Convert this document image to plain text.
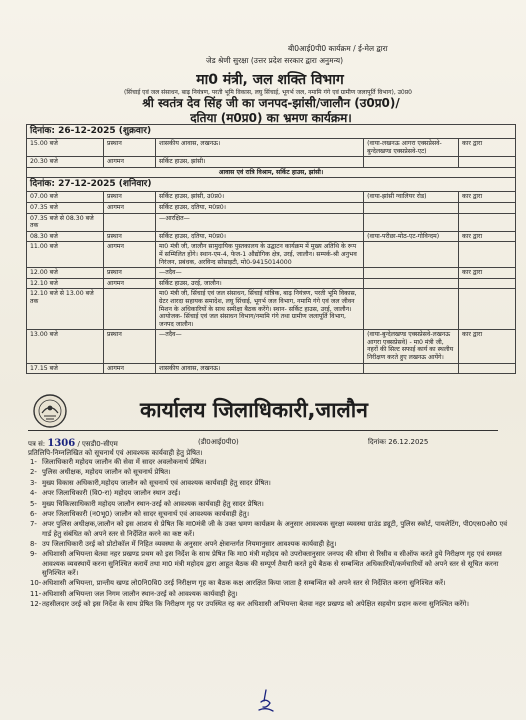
बी0आई0पी0 कार्यक्रम / ई-मेल द्वारा
जेड श्रेणी सुरक्षा (उत्तर प्रदेश सरकार द्वारा अनुमन्य)
मा0 मंत्री, जल शक्ति विभाग
(सिंचाई एवं जल संसाधन, बाढ़ नियंत्रण, परती भूमि विकास, लघु सिंचाई, भूगर्भ जल, नमामि गंगे एवं ग्रामीण जलापूर्ति विभाग), उ0प्र0
श्री स्वतंत्र देव सिंह जी का जनपद-झांसी/जालौन (उ0प्र0)/
दतिया (म0प्र0) का भ्रमण कार्यक्रम।
दिनांक: 26-12-2025 (शुक्रवार)				
15.00 बजे	प्रस्थान	शासकीय आवास, लखनऊ।	(वाया-लखनऊ आगरा एक्सप्रेसवे-बुन्देलखण्ड एक्सप्रेसवे-एट)	कार द्वारा
20.30 बजे	आगमन	सर्किट हाउस, झांसी।		
आवास एवं रात्रि विश्राम, सर्किट हाउस, झांसी।				
दिनांक: 27-12-2025 (शनिवार)				
07.00 बजे	प्रस्थान	सर्किट हाउस, झांसी, उ0प्र0।	(वाया-झांसी ग्वालियर रोड)	कार द्वारा
07.35 बजे	आगमन	सर्किट हाउस, दतिया, म0प्र0।		
07.35 बजे से 08.30 बजे तक		—आरक्षित—		
08.30 बजे	प्रस्थान	सर्किट हाउस, दतिया, म0प्र0।	(वाया-परीछा-मोठ-एट-गोविन्दम)	कार द्वारा
11.00 बजे	आगमन	मा0 मंत्री जी, जालौन सामुदायिक पुस्तकालय के उद्घाटन कार्यक्रम में मुख्य अतिथि के रूप में सम्मिलित होंगे। स्थान-एम-4, फेज-1 औद्योगिक क्षेत्र, उरई, जालौन। सम्पर्क-श्री अनुभव निरंजन, प्रबंधक, अरविन्द सोसाइटी, मो0-9415014000		
12.00 बजे	प्रस्थान	—तदैव—		कार द्वारा
12.10 बजे	आगमन	सर्किट हाउस, उरई, जालौन।		
12.10 बजे से 13.00 बजे तक		मा0 मंत्री जी, सिंचाई एवं जल संसाधन, सिंचाई यांत्रिक, बाढ़ नियंत्रण, परती भूमि विकास, ग्रेटर शारदा सहायक समादेश, लघु सिंचाई, भूगर्भ जल विभाग, नमामि गंगे एवं जल जीवन मिशन के अधिकारियों के साथ समीक्षा बैठक करेंगे। स्थान- सर्किट हाउस, उरई, जालौन। आयोजक- सिंचाई एवं जल संसाधन विभाग/नमामि गंगे तथा ग्रामीण जलापूर्ति विभाग, जनपद जालौन।		
13.00 बजे	प्रस्थान	—तदैव—	(वाया-बुन्देलखण्ड एक्सप्रेसवे-लखनऊ आगरा एक्सप्रेसवे) - मा0 मंत्री जी, नहरों की सिल्ट सफाई कार्य का स्थलीय निरीक्षण करते हुए लखनऊ आयेंगे।	कार द्वारा
17.15 बजे	आगमन	शासकीय आवास, लखनऊ।		
कार्यालय जिलाधिकारी,जालौन
पत्र सं: 1306 / एसडी0-सीएम	(डी0आई0पी0)	दिनांकः 26.12.2025
प्रतिलिपि-निम्नलिखित को सूचनार्थ एवं आवश्यक कार्यवाही हेतु प्रेषित।
1- जिलाधिकारी महोदय जालौन की सेवा में सादर अवलोकनार्थ प्रेषित।
2- पुलिस अधीक्षक, महोदय जालौन को सूचनार्थ प्रेषित।
3- मुख्य विकास अधिकारी,महोदय जालौन को सूचनार्थ एवं आवश्यक कार्यवाही हेतु सादर प्रेषित।
4- अपर जिलाधिकारी (वि0-रा) महोदय जालौन स्थान उरई।
5- मुख्य चिकित्साधिकारी महोदय जालौन स्थान-उरई को आवश्यक कार्यवाही हेतु सादर प्रेषित।
6- अपर जिलाधिकारी (न0भू0) जालौन को सादर सूचनार्थ एवं आवश्यक कार्यवाही हेतु।
7- अपर पुलिस अधीक्षक,जालौन को इस आशय से प्रेषित कि मा0मंत्री जी के उक्त भ्रमण कार्यक्रम के अनुसार आवश्यक सुरक्षा व्यवस्था ग्राउंड ड्यूटी, पुलिस स्कोर्ट, पायलेटिंग, पी0एस0ओ0 एवं गार्ड हेतु संबंधित को अपने स्तर से निर्देशित करने का कष्ट करें।
8- उप जिलाधिकारी उरई को प्रोटोकॉल में निहित व्यवस्था के अनुसार अपने क्षेत्रान्तर्गत नियमानुसार आवश्यक कार्यवाही हेतु।
9- अधिशासी अभियन्ता बेतवा नहर प्रखण्ड प्रथम को इस निर्देश के साथ प्रेषित कि मा0 मंत्री महोदय को उपरोक्तानुसार जनपद की सीमा से रिसीव व सीऑफ करते हुये निरीक्षण गृह एवं समस्त आवश्यक व्यवस्थायें करना सुनिश्चित करायें तथा मा0 मंत्री महोदय द्वारा आहूत बैठक की सम्पूर्ण तैयारी करते हुये बैठक से सम्बन्धित अधिकारियों/कर्मचारियों को अपने स्तर से सूचित करना सुनिश्चित करें।
10- अधिशासी अभियन्ता, प्रान्तीय खण्ड लो0नि0वि0 उरई निरीक्षण गृह का बैठक कक्ष आरक्षित किया जाता है सम्बन्धित को अपने स्तर से निर्देशित करना सुनिश्चित करें।
11- अधिशासी अभियन्ता जल निगम जालौन स्थान-उरई को आवश्यक कार्यवाही हेतु।
12- तहसीलदार उरई को इस निर्देश के साथ प्रेषित कि निरीक्षण गृह पर उपस्थित रह कर अधिशासी अभियन्ता बेतवा नहर प्रखण्ड को अपेक्षित सहयोग प्रदान करना सुनिश्चित करेंगे।
